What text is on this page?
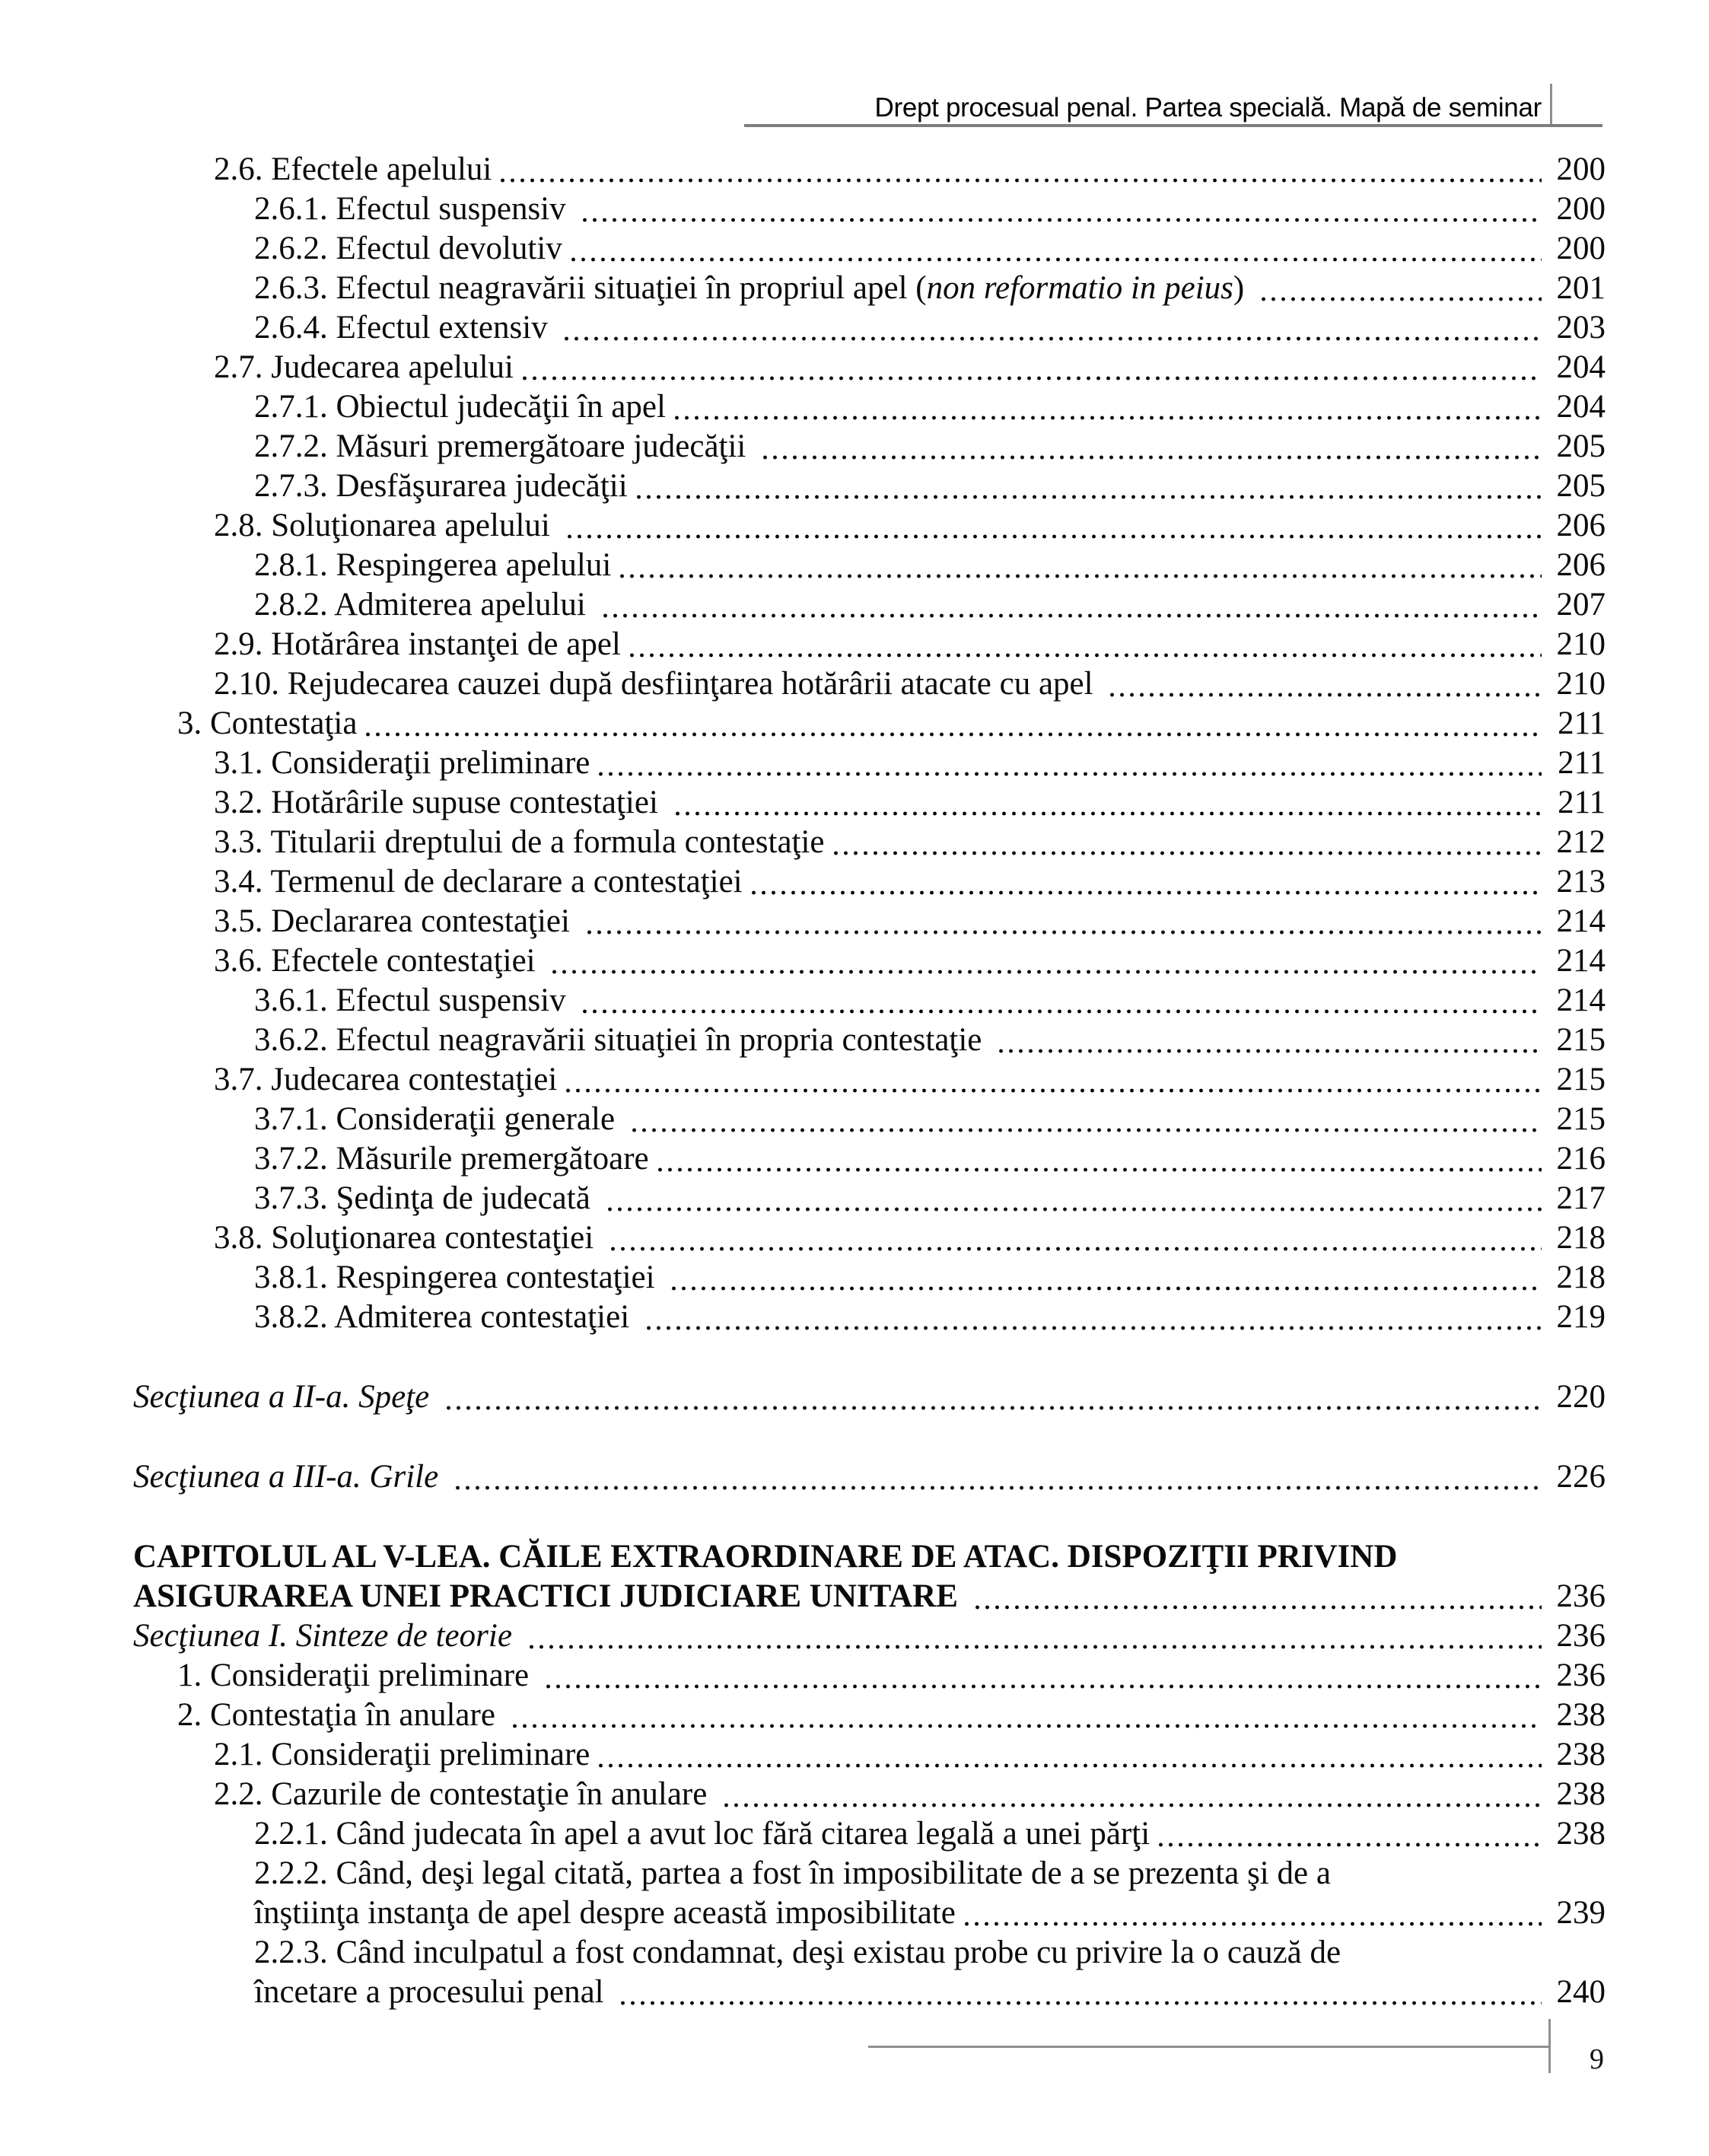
Drept procesual penal. Partea specială. Mapă de seminar
2.6. Efectele apelului	200
2.6.1. Efectul suspensiv	200
2.6.2. Efectul devolutiv	200
2.6.3. Efectul neagravării situaţiei în propriul apel (non reformatio in peius)	201
2.6.4. Efectul extensiv	203
2.7. Judecarea apelului	204
2.7.1. Obiectul judecăţii în apel	204
2.7.2. Măsuri premergătoare judecăţii	205
2.7.3. Desfăşurarea judecăţii	205
2.8. Soluţionarea apelului	206
2.8.1. Respingerea apelului	206
2.8.2. Admiterea apelului	207
2.9. Hotărârea instanţei de apel	210
2.10. Rejudecarea cauzei după desfiinţarea hotărârii atacate cu apel	210
3. Contestaţia	211
3.1. Consideraţii preliminare	211
3.2. Hotărârile supuse contestaţiei	211
3.3. Titularii dreptului de a formula contestaţie	212
3.4. Termenul de declarare a contestaţiei	213
3.5. Declararea contestaţiei	214
3.6. Efectele contestaţiei	214
3.6.1. Efectul suspensiv	214
3.6.2. Efectul neagravării situaţiei în propria contestaţie	215
3.7. Judecarea contestaţiei	215
3.7.1. Consideraţii generale	215
3.7.2. Măsurile premergătoare	216
3.7.3. Şedinţa de judecată	217
3.8. Soluţionarea contestaţiei	218
3.8.1. Respingerea contestaţiei	218
3.8.2. Admiterea contestaţiei	219
Secţiunea a II-a. Speţe	220
Secţiunea a III-a. Grile	226
CAPITOLUL AL V-LEA. CĂILE EXTRAORDINARE DE ATAC. DISPOZIŢII PRIVIND
ASIGURAREA UNEI PRACTICI JUDICIARE UNITARE	236
Secţiunea I. Sinteze de teorie	236
1. Consideraţii preliminare	236
2. Contestaţia în anulare	238
2.1. Consideraţii preliminare	238
2.2. Cazurile de contestaţie în anulare	238
2.2.1. Când judecata în apel a avut loc fără citarea legală a unei părţi	238
2.2.2. Când, deşi legal citată, partea a fost în imposibilitate de a se prezenta şi de a
înştiinţa instanţa de apel despre această imposibilitate	239
2.2.3. Când inculpatul a fost condamnat, deşi existau probe cu privire la o cauză de
încetare a procesului penal	240
9
